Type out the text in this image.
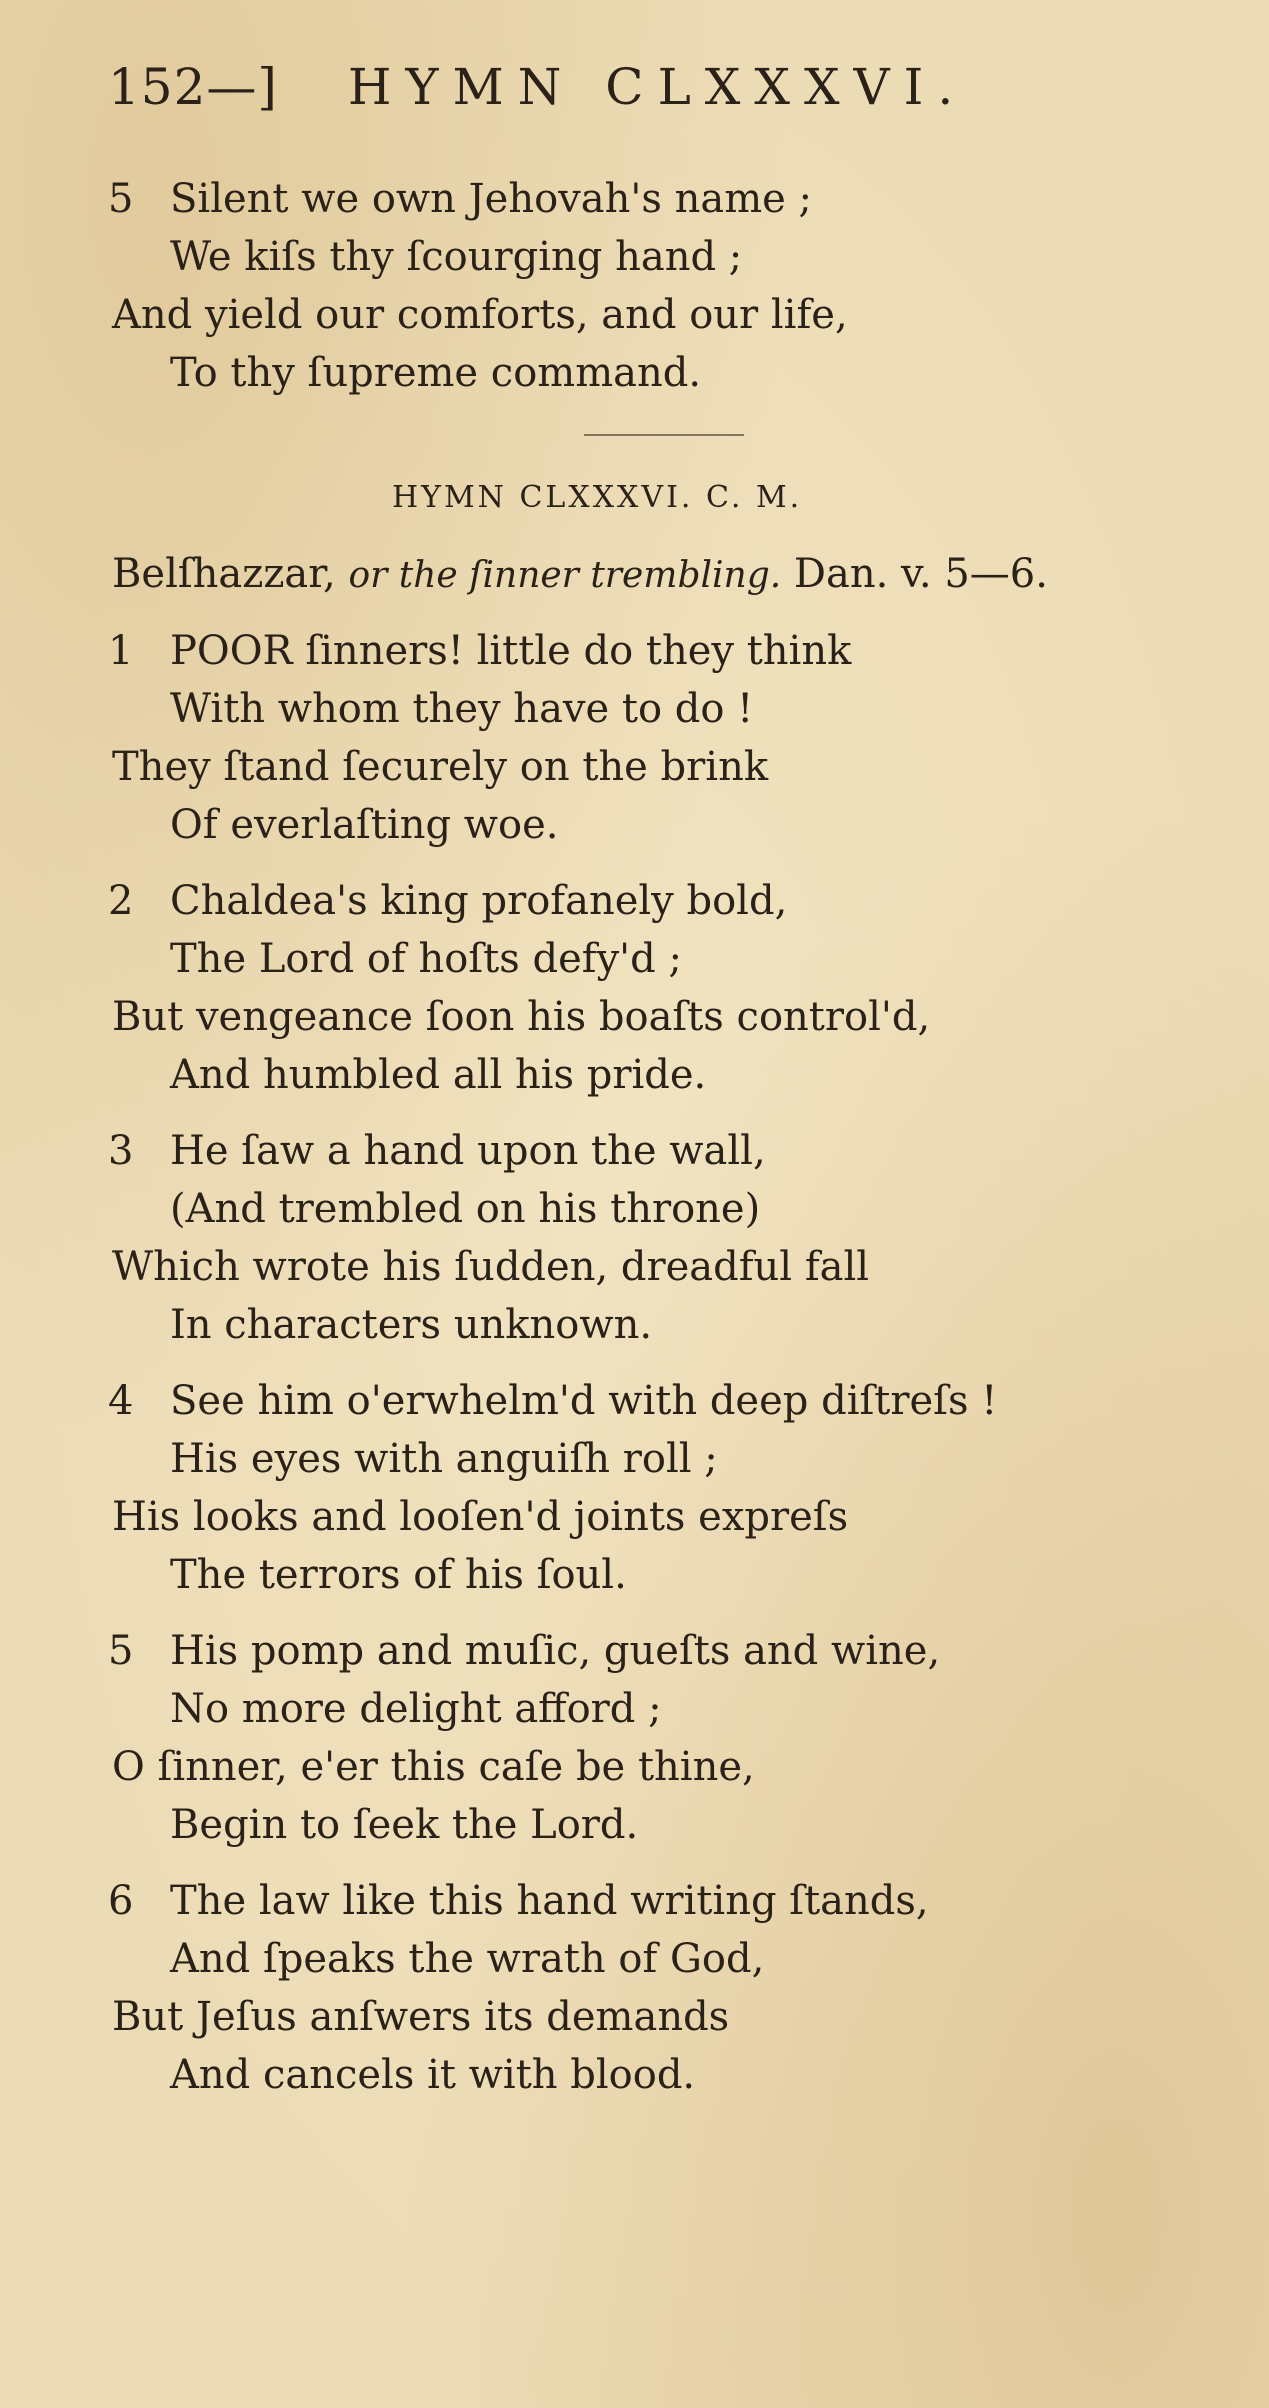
152—] HYMN CLXXXVI.
5 Silent we own Jehovah's name ;
We kiſs thy ſcourging hand ;
And yield our comforts, and our life,
To thy ſupreme command.
HYMN CLXXXVI. C. M.
Belſhazzar, or the ſinner trembling. Dan. v. 5—6.
1 POOR ſinners! little do they think
With whom they have to do !
They ſtand ſecurely on the brink
Of everlaſting woe.
2 Chaldea's king profanely bold,
The Lord of hoſts defy'd ;
But vengeance ſoon his boaſts control'd,
And humbled all his pride.
3 He ſaw a hand upon the wall,
(And trembled on his throne)
Which wrote his ſudden, dreadful fall
In characters unknown.
4 See him o'erwhelm'd with deep diſtreſs !
His eyes with anguiſh roll ;
His looks and looſen'd joints expreſs
The terrors of his ſoul.
5 His pomp and muſic, gueſts and wine,
No more delight afford ;
O ſinner, e'er this caſe be thine,
Begin to ſeek the Lord.
6 The law like this hand writing ſtands,
And ſpeaks the wrath of God,
But Jeſus anſwers its demands
And cancels it with blood.
